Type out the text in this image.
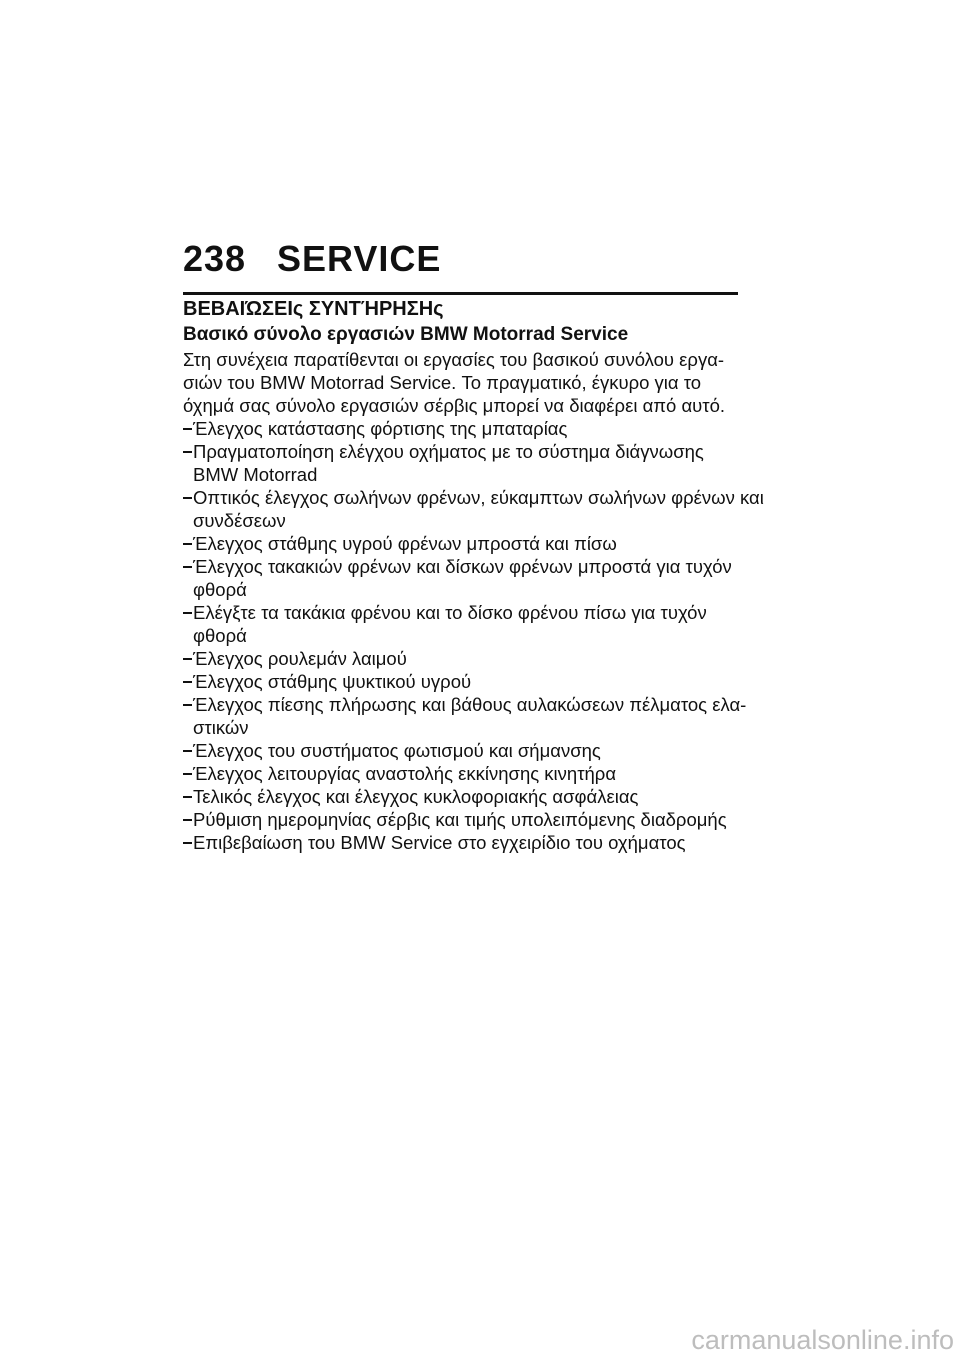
238 SERVICE
ΒΕΒΑΙΏΣΕΙς ΣΥΝΤΉΡΗΣΗς
Βασικό σύνολο εργασιών BMW Motorrad Service

Στη συνέχεια παρατίθενται οι εργασίες του βασικού συνόλου εργα-
σιών του BMW Motorrad Service. Το πραγματικό, έγκυρο για το
όχημά σας σύνολο εργασιών σέρβις μπορεί να διαφέρει από αυτό.

Έλεγχος κατάστασης φόρτισης της μπαταρίας
Πραγματοποίηση ελέγχου οχήματος με το σύστημα διάγνωσης
BMW Motorrad
Οπτικός έλεγχος σωλήνων φρένων, εύκαμπτων σωλήνων φρένων και
συνδέσεων
Έλεγχος στάθμης υγρού φρένων μπροστά και πίσω
Έλεγχος τακακιών φρένων και δίσκων φρένων μπροστά για τυχόν
φθορά
Ελέγξτε τα τακάκια φρένου και το δίσκο φρένου πίσω για τυχόν
φθορά
Έλεγχος ρουλεμάν λαιμού
Έλεγχος στάθμης ψυκτικού υγρού
Έλεγχος πίεσης πλήρωσης και βάθους αυλακώσεων πέλματος ελα-
στικών
Έλεγχος του συστήματος φωτισμού και σήμανσης
Έλεγχος λειτουργίας αναστολής εκκίνησης κινητήρα
Τελικός έλεγχος και έλεγχος κυκλοφοριακής ασφάλειας
Ρύθμιση ημερομηνίας σέρβις και τιμής υπολειπόμενης διαδρομής
Επιβεβαίωση του BMW Service στο εγχειρίδιο του οχήματος
carmanualsonline.info
